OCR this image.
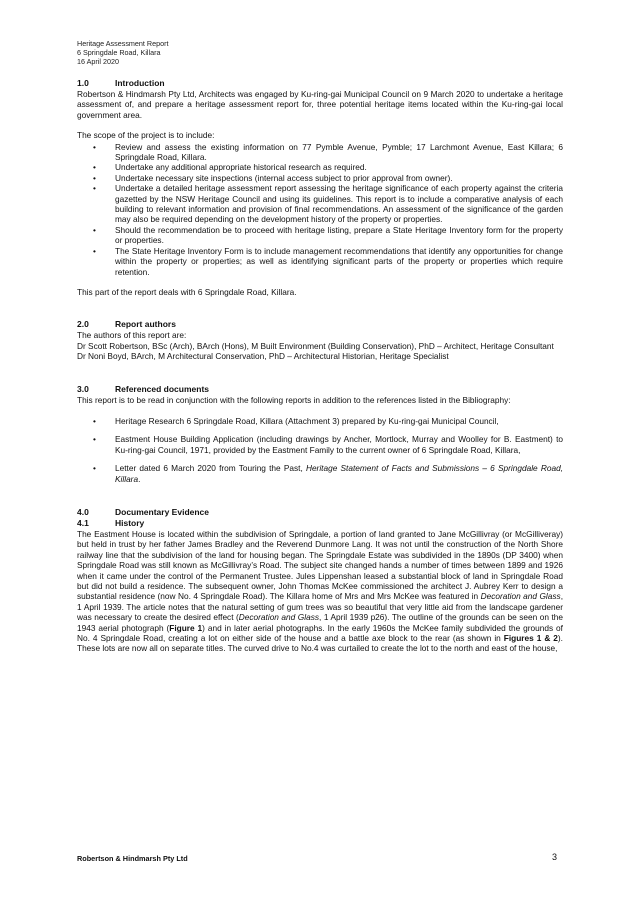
Heritage Assessment Report
6 Springdale Road, Killara
16 April 2020
1.0	Introduction

Robertson & Hindmarsh Pty Ltd, Architects was engaged by Ku-ring-gai Municipal Council on 9 March 2020 to undertake a heritage assessment of, and prepare a heritage assessment report for, three potential heritage items located within the Ku-ring-gai local government area.

The scope of the project is to include:

• Review and assess the existing information on 77 Pymble Avenue, Pymble; 17 Larchmont Avenue, East Killara; 6 Springdale Road, Killara.
• Undertake any additional appropriate historical research as required.
• Undertake necessary site inspections (internal access subject to prior approval from owner).
• Undertake a detailed heritage assessment report assessing the heritage significance of each property against the criteria gazetted by the NSW Heritage Council and using its guidelines. This report is to include a comparative analysis of each building to relevant information and provision of final recommendations. An assessment of the significance of the garden may also be required depending on the development history of the property or properties.
• Should the recommendation be to proceed with heritage listing, prepare a State Heritage Inventory form for the property or properties.
• The State Heritage Inventory Form is to include management recommendations that identify any opportunities for change within the property or properties; as well as identifying significant parts of the property or properties which require retention.

This part of the report deals with 6 Springdale Road, Killara.

2.0	Report authors

The authors of this report are:

Dr Scott Robertson, BSc (Arch), BArch (Hons), M Built Environment (Building Conservation), PhD – Architect, Heritage Consultant

Dr Noni Boyd, BArch, M Architectural Conservation, PhD – Architectural Historian, Heritage Specialist

3.0	Referenced documents

This report is to be read in conjunction with the following reports in addition to the references listed in the Bibliography:

• Heritage Research 6 Springdale Road, Killara (Attachment 3) prepared by Ku-ring-gai Municipal Council,
• Eastment House Building Application (including drawings by Ancher, Mortlock, Murray and Woolley for B. Eastment) to Ku-ring-gai Council, 1971, provided by the Eastment Family to the current owner of 6 Springdale Road, Killara,
• Letter dated 6 March 2020 from Touring the Past, Heritage Statement of Facts and Submissions – 6 Springdale Road, Killara.
4.0	Documentary Evidence
4.1	History

The Eastment House is located within the subdivision of Springdale, a portion of land granted to Jane McGillivray (or McGilliveray) but held in trust by her father James Bradley and the Reverend Dunmore Lang. It was not until the construction of the North Shore railway line that the subdivision of the land for housing began. The Springdale Estate was subdivided in the 1890s (DP 3400) when Springdale Road was still known as McGillivray’s Road. The subject site changed hands a number of times between 1899 and 1926 when it came under the control of the Permanent Trustee. Jules Lippenshan leased a substantial block of land in Springdale Road but did not build a residence. The subsequent owner, John Thomas McKee commissioned the architect J. Aubrey Kerr to design a substantial residence (now No. 4 Springdale Road). The Killara home of Mrs and Mrs McKee was featured in Decoration and Glass, 1 April 1939. The article notes that the natural setting of gum trees was so beautiful that very little aid from the landscape gardener was necessary to create the desired effect (Decoration and Glass, 1 April 1939 p26). The outline of the grounds can be seen on the 1943 aerial photograph (Figure 1) and in later aerial photographs. In the early 1960s the McKee family subdivided the grounds of No. 4 Springdale Road, creating a lot on either side of the house and a battle axe block to the rear (as shown in Figures 1 & 2). These lots are now all on separate titles. The curved drive to No.4 was curtailed to create the lot to the north and east of the house,

Robertson & Hindmarsh Pty Ltd	3
